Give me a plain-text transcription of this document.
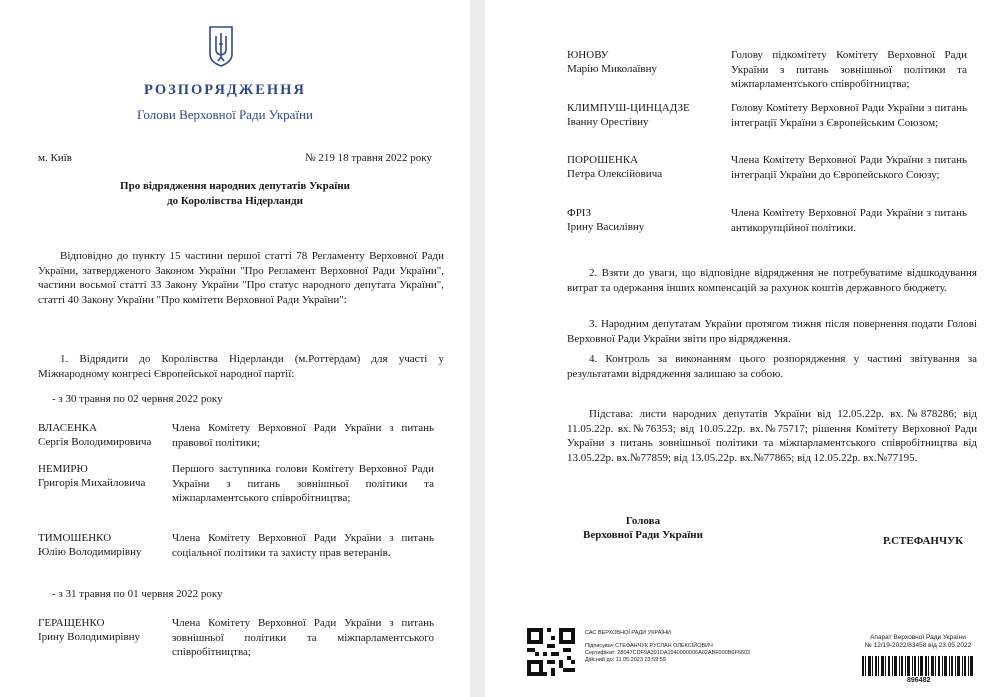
РОЗПОРЯДЖЕННЯ
Голови Верховної Ради України
м. Київ	№ 219 18 травня 2022 року
Про відрядження народних депутатів України
до Королівства Нідерланди
Відповідно до пункту 15 частини першої статті 78 Регламенту Верховної Ради України, затвердженого Законом України "Про Регламент Верховної Ради України", частини восьмої статті 33 Закону України "Про статус народного депутата України", статті 40 Закону України "Про комітети Верховної Ради України":
1. Відрядити до Королівства Нідерланди (м.Роттердам) для участі у Міжнародному конгресі Європейської народної партії:
- з 30 травня по 02 червня 2022 року
ВЛАСЕНКА
Сергія Володимировича
Члена Комітету Верховної Ради України з питань правової політики;
НЕМИРЮ
Григорія Михайловича
Першого заступника голови Комітету Верховної Ради України з питань зовнішньої політики та міжпарламентського співробітництва;
ТИМОШЕНКО
Юлію Володимирівну
Члена Комітету Верховної Ради України з питань соціальної політики та захисту прав ветеранів.
- з 31 травня по 01 червня 2022 року
ГЕРАЩЕНКО
Ірину Володимирівну
Члена Комітету Верховної Ради України з питань зовнішньої політики та міжпарламентського співробітництва;
ЮНОВУ
Марію Миколаївну
Голову підкомітету Комітету Верховної Ради України з питань зовнішньої політики та міжпарламентського співробітництва;
КЛИМПУШ-ЦИНЦАДЗЕ
Іванну Орестівну
Голову Комітету Верховної Ради України з питань інтеграції України з Європейським Союзом;
ПОРОШЕНКА
Петра Олексійовича
Члена Комітету Верховної Ради України з питань інтеграції України до Європейського Союзу;
ФРІЗ
Ірину Василівну
Члена Комітету Верховної Ради України з питань антикорупційної політики.
2. Взяти до уваги, що відповідне відрядження не потребуватиме відшкодування витрат та одержання інших компенсацій за рахунок коштів державного бюджету.
3. Народним депутатам України протягом тижня після повернення подати Голові Верховної Ради України звіти про відрядження.
4. Контроль за виконанням цього розпорядження у частині звітування за результатами відрядження залишаю за собою.
Підстава: листи народних депутатів України від 12.05.22р. вх.№878286; від 11.05.22р. вх.№76353; від 10.05.22р. вх.№75717; рішення Комітету Верховної Ради України з питань зовнішньої політики та міжпарламентського співробітництва від 13.05.22р. вх.№77859; від 13.05.22р. вх.№77865; від 12.05.22р. вх.№77195.
Голова
Верховної Ради України	Р.СТЕФАНЧУК
САС ВЕРХОВНОЇ РАДИ УКРАЇНИ
Підписувач СТЕФАНЧУК РУСЛАН ОЛЕКСІЙОВИЧ
Сертифікат: 28047CDF9A391DA1040000006A02ABF000B6F6603
Дійсний до: 11.05.2023 23:59:59
Апарат Верховної Ради України
№ 12/19-2022/83458 від 23.05.2022
896482
